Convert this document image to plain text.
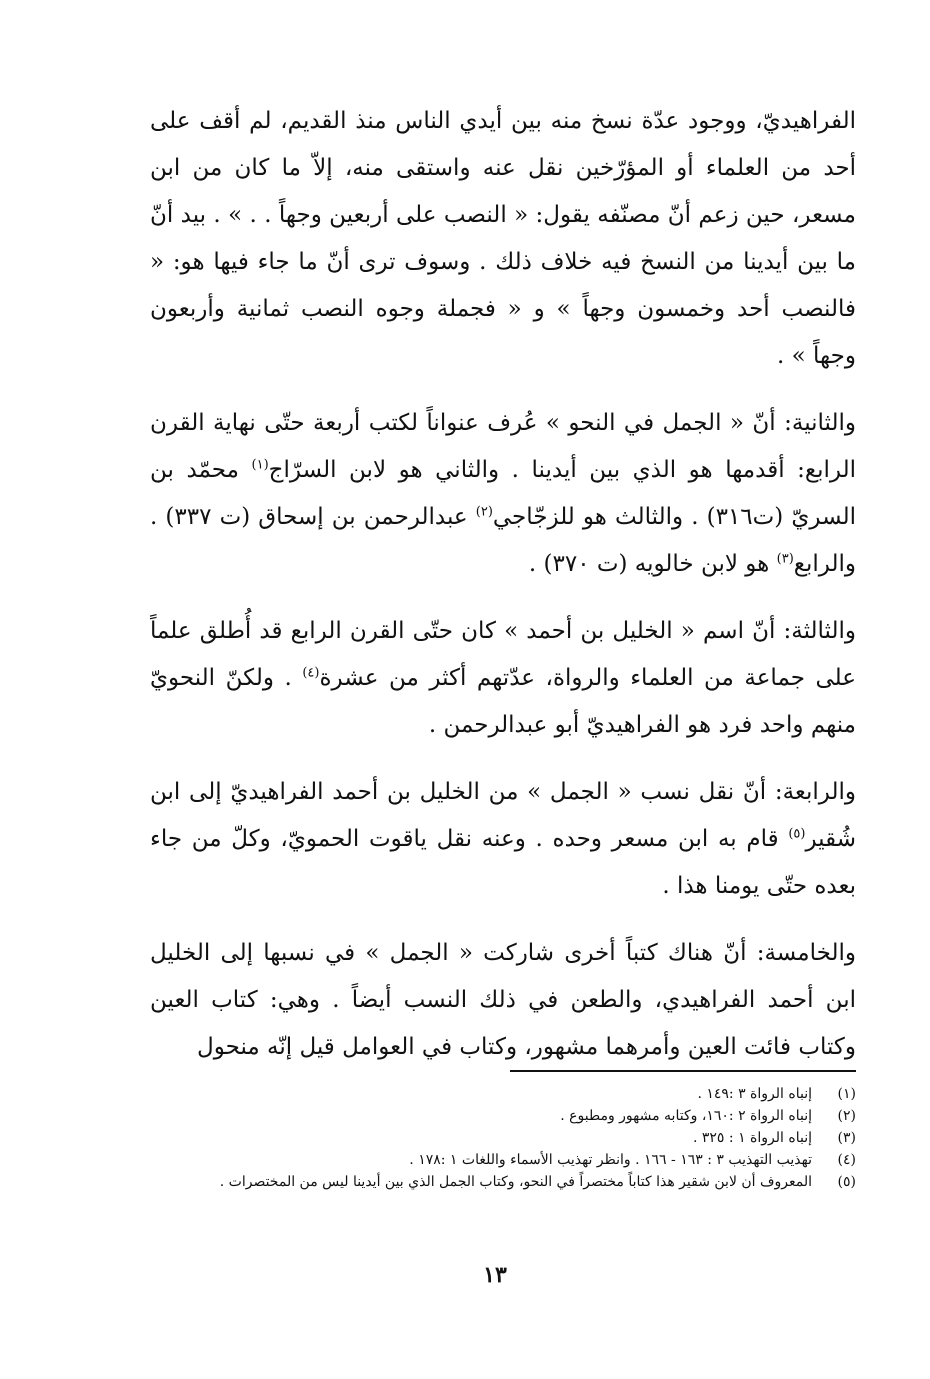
الفراهيديّ، ووجود عدّة نسخ منه بين أيدي الناس منذ القديم، لم أقف على أحد من العلماء أو المؤرّخين نقل عنه واستقى منه، إلاّ ما كان من ابن مسعر، حين زعم أنّ مصنّفه يقول: « النصب على أربعين وجهاً . . » . بيد أنّ ما بين أيدينا من النسخ فيه خلاف ذلك . وسوف ترى أنّ ما جاء فيها هو: « فالنصب أحد وخمسون وجهاً » و « فجملة وجوه النصب ثمانية وأربعون وجهاً » .

والثانية: أنّ « الجمل في النحو » عُرف عنواناً لكتب أربعة حتّى نهاية القرن الرابع: أقدمها هو الذي بين أيدينا . والثاني هو لابن السرّاج$^{(١)}$ محمّد بن السريّ (ت٣١٦) . والثالث هو للزجّاجي$^{(٢)}$ عبدالرحمن بن إسحاق (ت ٣٣٧) . والرابع$^{(٣)}$ هو لابن خالويه (ت ٣٧٠) .

والثالثة: أنّ اسم « الخليل بن أحمد » كان حتّى القرن الرابع قد أُطلق علماً على جماعة من العلماء والرواة، عدّتهم أكثر من عشرة$^{(٤)}$ . ولكنّ النحويّ منهم واحد فرد هو الفراهيديّ أبو عبدالرحمن .

والرابعة: أنّ نقل نسب « الجمل » من الخليل بن أحمد الفراهيديّ إلى ابن شُقير$^{(٥)}$ قام به ابن مسعر وحده . وعنه نقل ياقوت الحمويّ، وكلّ من جاء بعده حتّى يومنا هذا .

والخامسة: أنّ هناك كتباً أخرى شاركت « الجمل » في نسبها إلى الخليل ابن أحمد الفراهيدي، والطعن في ذلك النسب أيضاً . وهي: كتاب العين وكتاب فائت العين وأمرهما مشهور، وكتاب في العوامل قيل إنّه منحول

(١)
إنباه الرواة ٣ :١٤٩ .
(٢)
إنباه الرواة ٢ :١٦٠، وكتابه مشهور ومطبوع .
(٣)
إنباه الرواة ١ : ٣٢٥ .
(٤)
تهذيب التهذيب ٣ : ١٦٣ - ١٦٦ . وانظر تهذيب الأسماء واللغات ١ :١٧٨ .
(٥)
المعروف أن لابن شقير هذا كتاباً مختصراً في النحو، وكتاب الجمل الذي بين أيدينا ليس من المختصرات .
١٣
